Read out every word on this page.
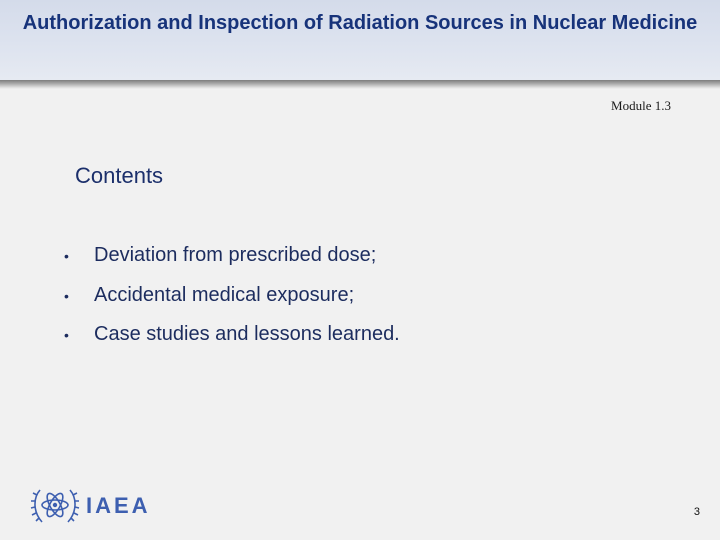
Authorization and Inspection of Radiation Sources in Nuclear Medicine
Module 1.3
Contents
•	Deviation from prescribed dose;
•	Accidental medical exposure;
•	Case studies and lessons learned.
IAEA	3
